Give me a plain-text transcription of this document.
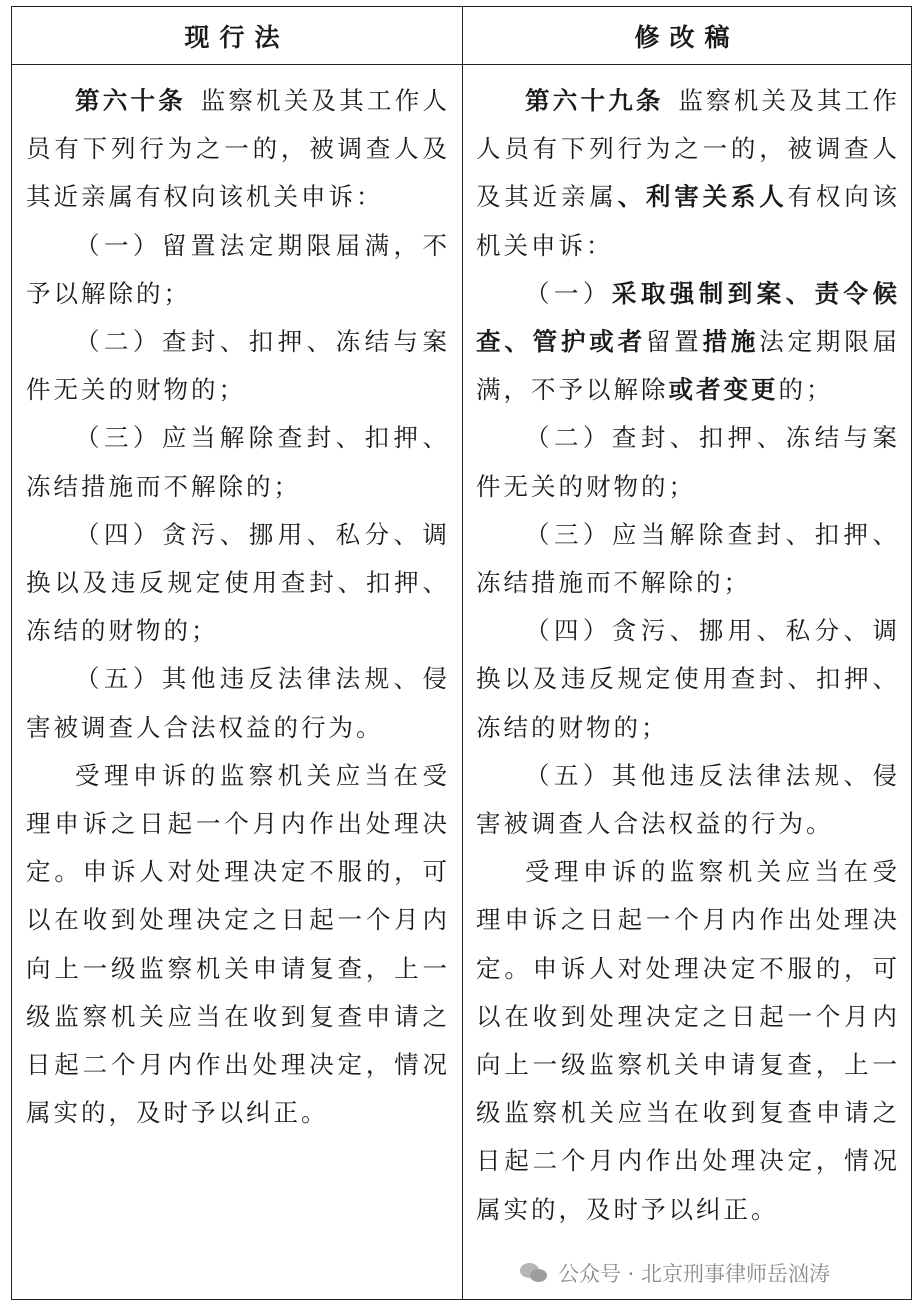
现行法	修改稿

第六十条 监察机关及其工作人员有下列行为之一的，被调查人及其近亲属有权向该机关申诉：

（一）留置法定期限届满，不予以解除的；

（二）查封、扣押、冻结与案件无关的财物的；

（三）应当解除查封、扣押、冻结措施而不解除的；

（四）贪污、挪用、私分、调换以及违反规定使用查封、扣押、冻结的财物的；

（五）其他违反法律法规、侵害被调查人合法权益的行为。

受理申诉的监察机关应当在受理申诉之日起一个月内作出处理决定。申诉人对处理决定不服的，可以在收到处理决定之日起一个月内向上一级监察机关申请复查，上一级监察机关应当在收到复查申请之日起二个月内作出处理决定，情况属实的，及时予以纠正。

第六十九条 监察机关及其工作人员有下列行为之一的，被调查人及其近亲属、利害关系人有权向该机关申诉：

（一）采取强制到案、责令候查、管护或者留置措施法定期限届满，不予以解除或者变更的；

（二）查封、扣押、冻结与案件无关的财物的；

（三）应当解除查封、扣押、冻结措施而不解除的；

（四）贪污、挪用、私分、调换以及违反规定使用查封、扣押、冻结的财物的；

（五）其他违反法律法规、侵害被调查人合法权益的行为。

受理申诉的监察机关应当在受理申诉之日起一个月内作出处理决定。申诉人对处理决定不服的，可以在收到处理决定之日起一个月内向上一级监察机关申请复查，上一级监察机关应当在收到复查申请之日起二个月内作出处理决定，情况属实的，及时予以纠正。

公众号 · 北京刑事律师岳汹涛
